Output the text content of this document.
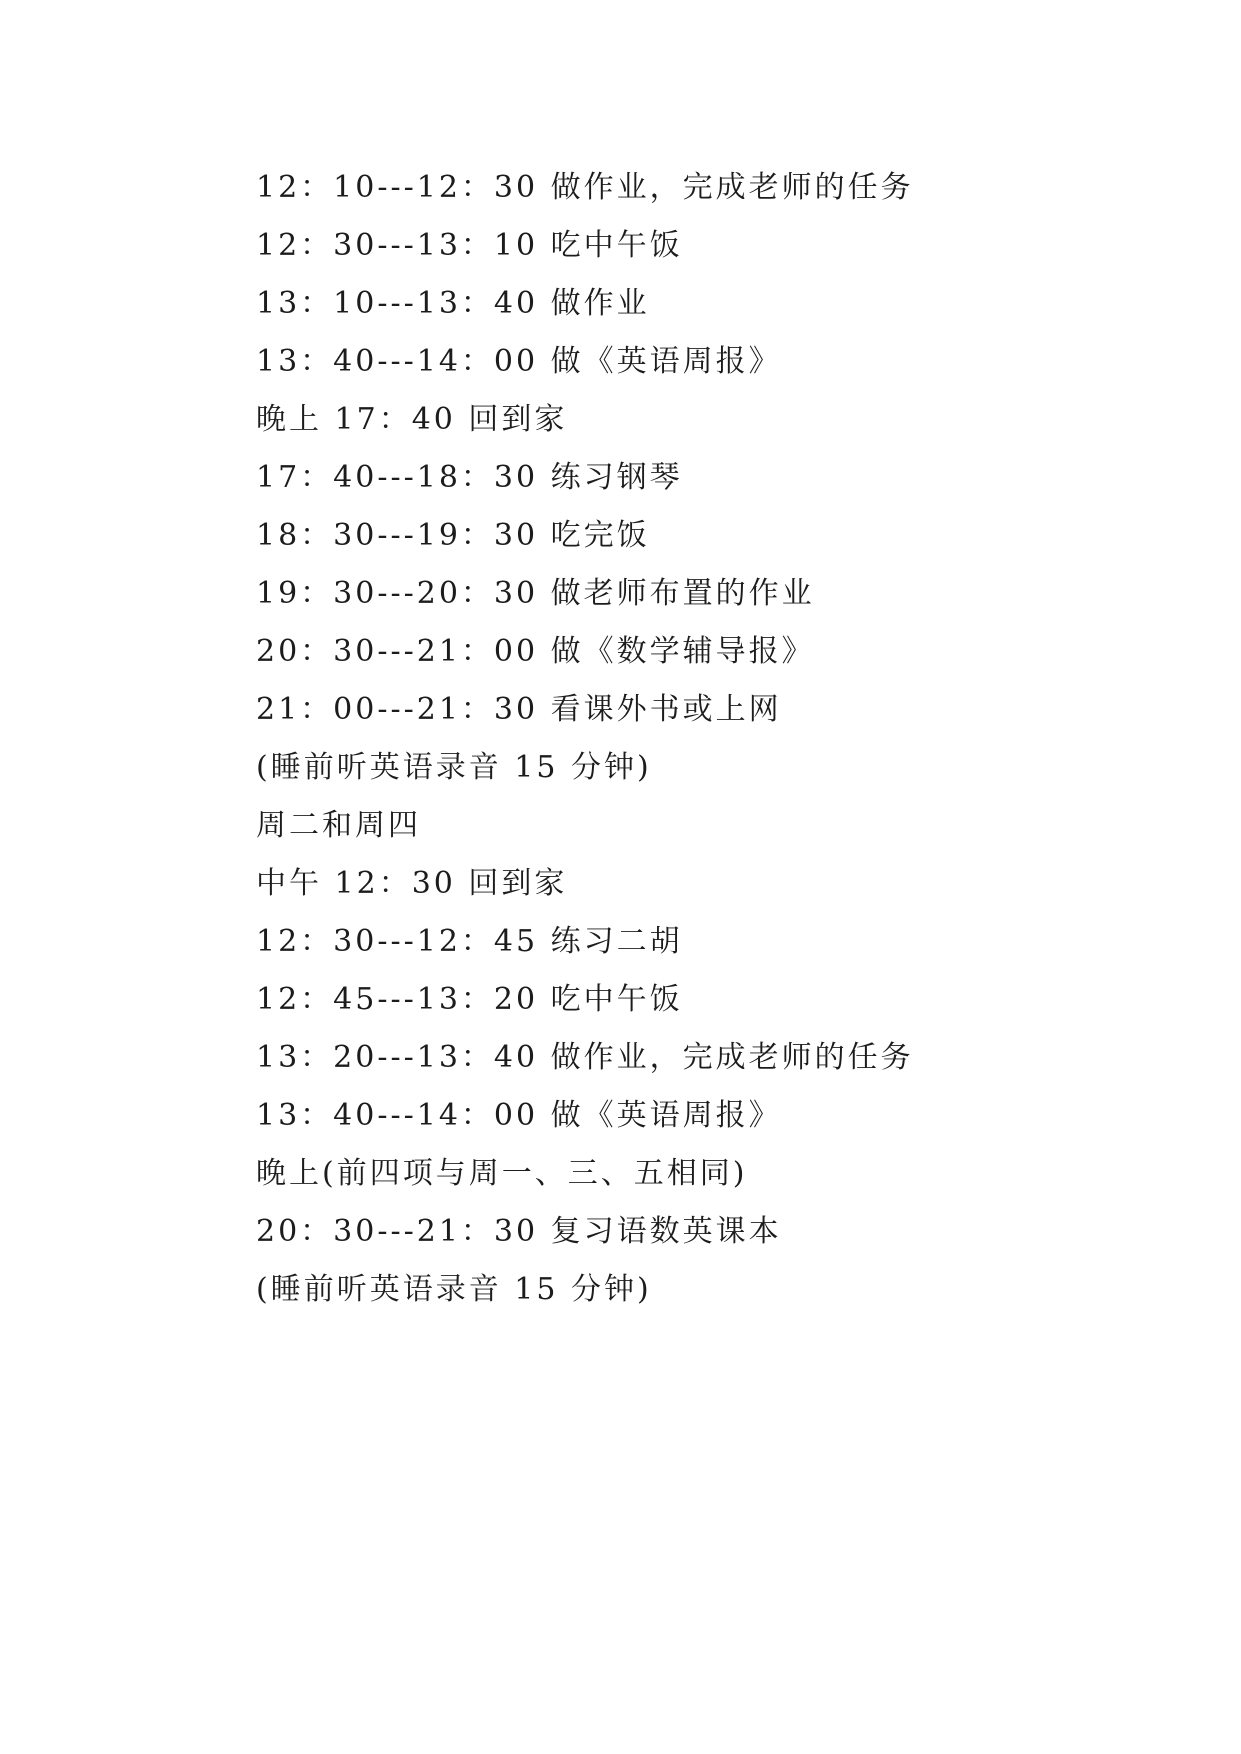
12：10---12：30 做作业，完成老师的任务
12：30---13：10 吃中午饭
13：10---13：40 做作业
13：40---14：00 做《英语周报》
晚上 17：40 回到家
17：40---18：30 练习钢琴
18：30---19：30 吃完饭
19：30---20：30 做老师布置的作业
20：30---21：00 做《数学辅导报》
21：00---21：30 看课外书或上网
(睡前听英语录音 15 分钟)
周二和周四
中午 12：30 回到家
12：30---12：45 练习二胡
12：45---13：20 吃中午饭
13：20---13：40 做作业，完成老师的任务
13：40---14：00 做《英语周报》
晚上(前四项与周一、三、五相同)
20：30---21：30 复习语数英课本
(睡前听英语录音 15 分钟)
